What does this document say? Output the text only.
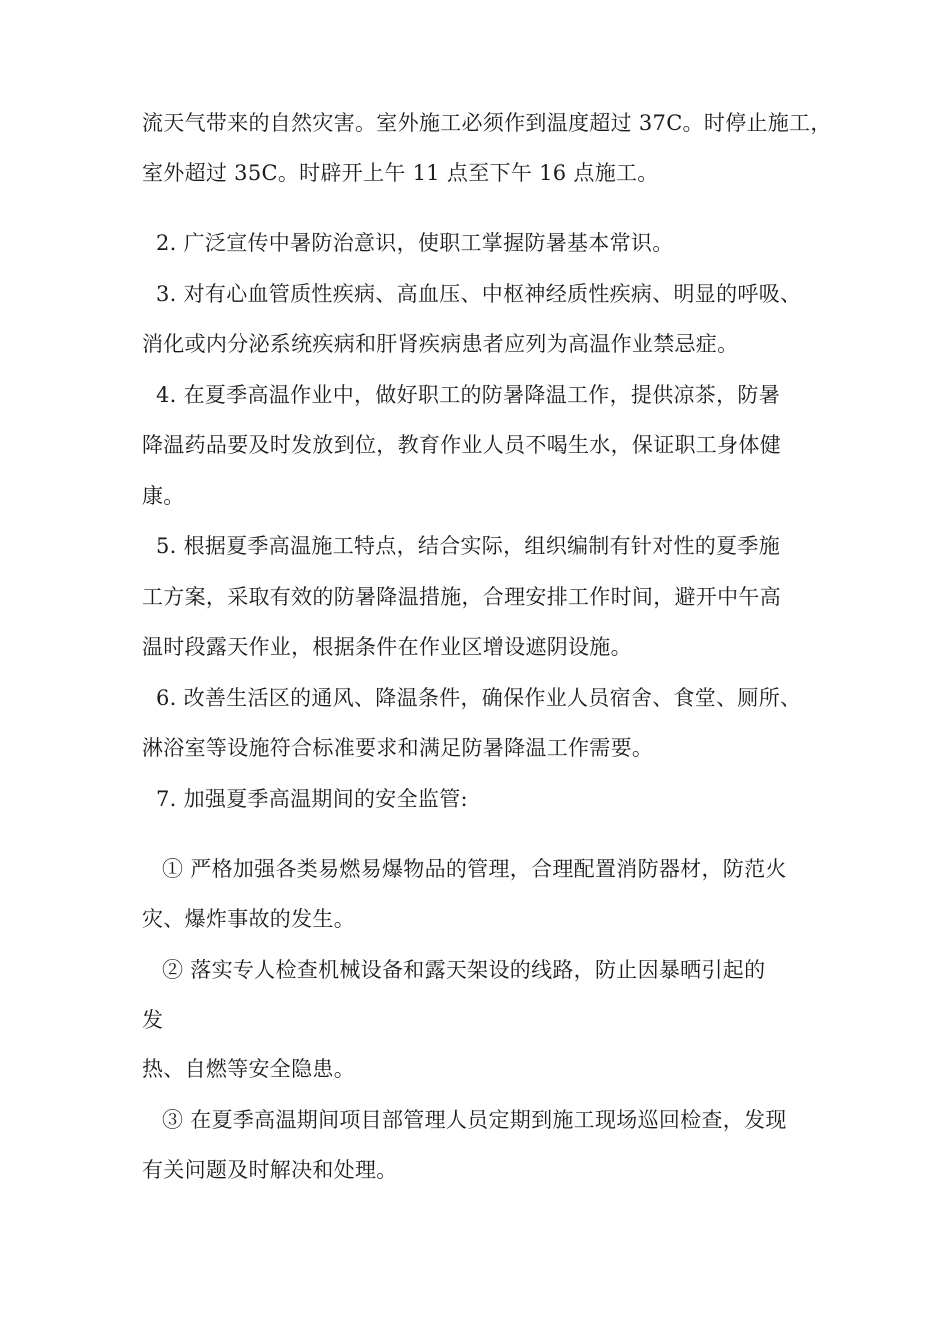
流天气带来的自然灾害。室外施工必须作到温度超过 37C。时停止施工，
室外超过 35C。时辟开上午 11 点至下午 16 点施工。
2. 广泛宣传中暑防治意识，使职工掌握防暑基本常识。
3. 对有心血管质性疾病、高血压、中枢神经质性疾病、明显的呼吸、
消化或内分泌系统疾病和肝肾疾病患者应列为高温作业禁忌症。
4. 在夏季高温作业中，做好职工的防暑降温工作，提供凉茶，防暑
降温药品要及时发放到位，教育作业人员不喝生水，保证职工身体健
康。
5. 根据夏季高温施工特点，结合实际，组织编制有针对性的夏季施
工方案，采取有效的防暑降温措施，合理安排工作时间，避开中午高
温时段露天作业，根据条件在作业区增设遮阴设施。
6. 改善生活区的通风、降温条件，确保作业人员宿舍、食堂、厕所、
淋浴室等设施符合标准要求和满足防暑降温工作需要。
7. 加强夏季高温期间的安全监管:
① 严格加强各类易燃易爆物品的管理，合理配置消防器材，防范火
灾、爆炸事故的发生。
② 落实专人检查机械设备和露天架设的线路，防止因暴晒引起的
发
热、自燃等安全隐患。
③ 在夏季高温期间项目部管理人员定期到施工现场巡回检查，发现
有关问题及时解决和处理。
